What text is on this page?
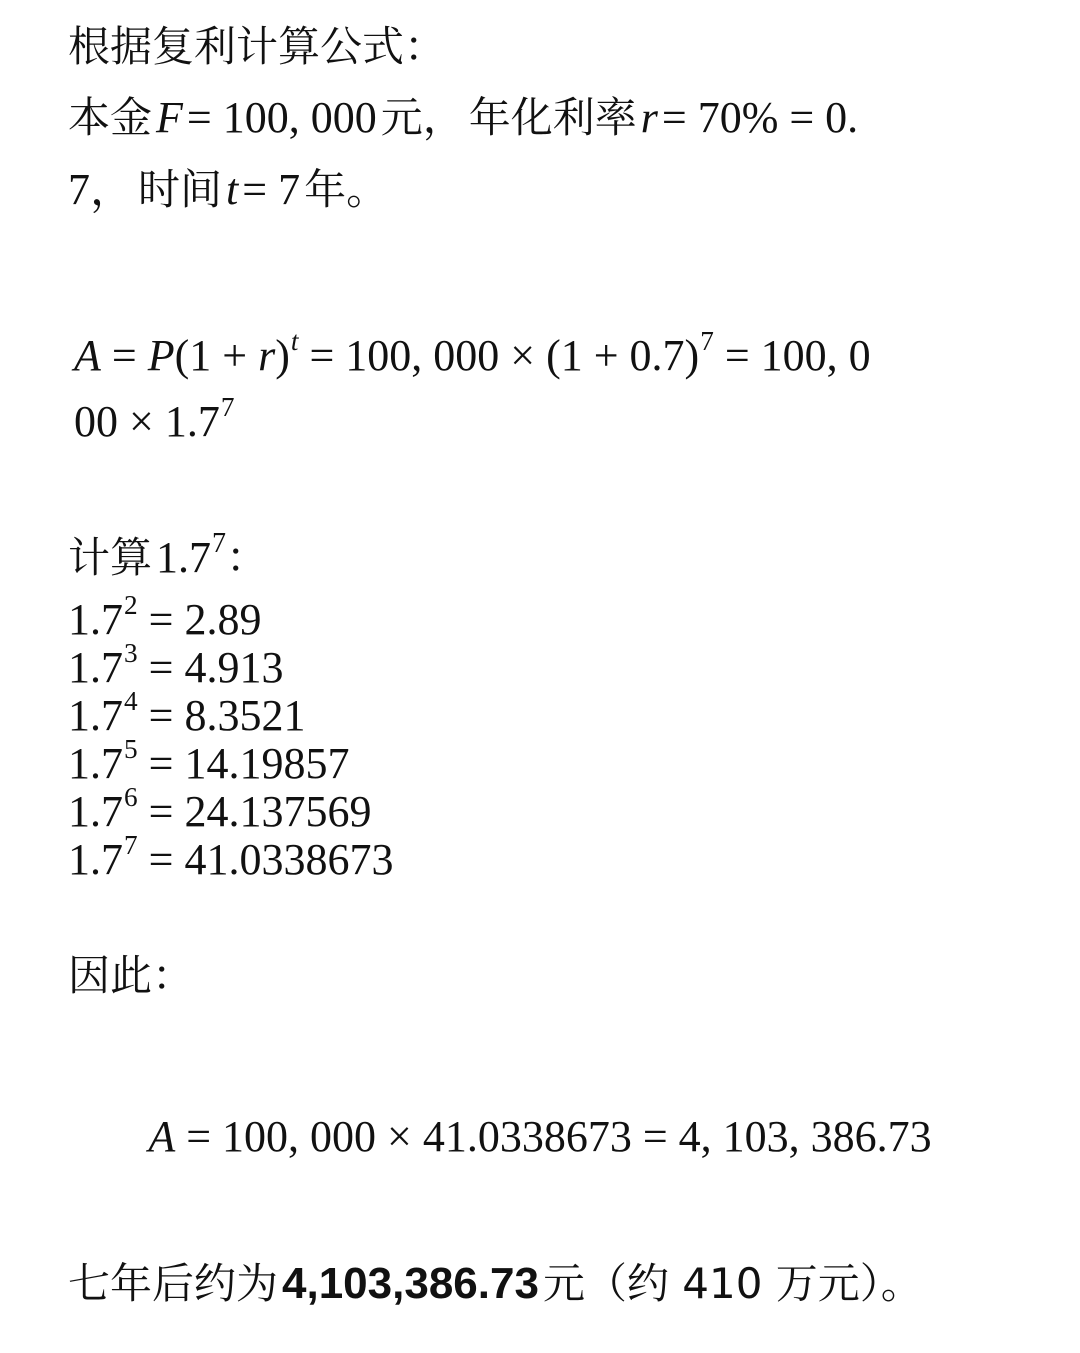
根据复利计算公式：
本金 F = 100, 000 元， 年化利率 r = 70% = 0.
7， 时间 t = 7 年。
$A = P(1 + r)^t = 100$, $000 \times (1 + 0.7)^7 = 100$, 0
$00 \times 1.7^7$
计算 $1.7^7$：
$1.7^2 = 2.89$
$1.7^3 = 4.913$
$1.7^4 = 8.3521$
$1.7^5 = 14.19857$
$1.7^6 = 24.137569$
$1.7^7 = 41.0338673$
因此：
A = 100, 000 × 41.0338673 = 4, 103, 386.73
七年后约为 4,103,386.73 元（约 410 万元）。
